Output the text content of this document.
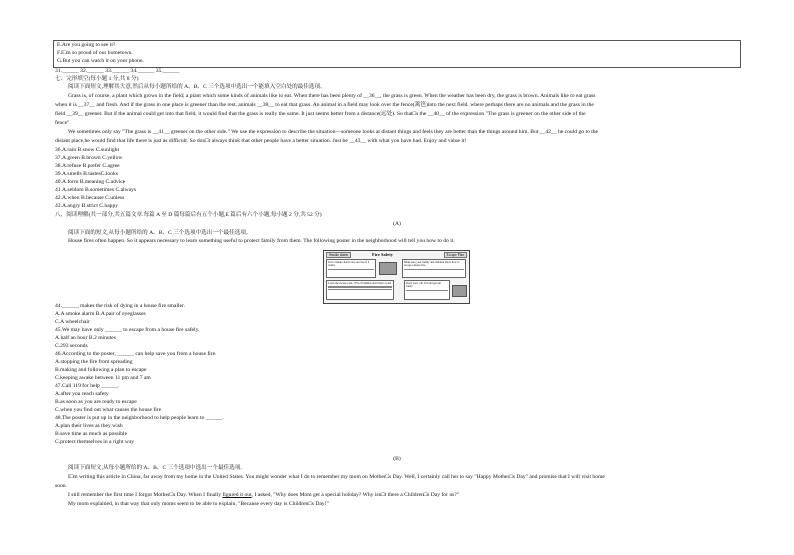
E.Are you going to see it?
F.I□m so proud of our hometown.
G.But you can watch it on your phone.
31.______ 32.______ 33.______ 34.______ 35.______
七、完形填空(每小题 1 分,共 8 分)
阅读下面短文,理解其大意,然后从每小题所给的 A、B、C 三个选项中选出一个能填入空白处的最佳选项。
Grass is, of course, a plant which grows in the field; a plant which some kinds of animals like to eat. When there has been plenty of __36__, the grass is green. When the weather has been dry, the grass is brown. Animals like to eat grass
when it is __37__ and fresh. And if the grass in one place is greener than the rest. animals __38__ to eat that grass. An animal in a field may look over the fence(篱笆)into the next field. where perhaps there are no animals and the grass in the
field __39__ greener. But if the animal could get into that field, it would find that the grass is really the same. It just seems better from a distance(远处). So that□s the __40__ of the expression "The grass is greener on the other side of the
fence".
We sometimes only say "The grass is __41__ greener on the other side." We use the expression to describe the situation—someone looks at distant things and feels they are better than the things around him. But __42__ he could go to the
distant place,he would find that life there is just as difficult. So don□t always think that other people have a better situation. Just be __43__ with what you have had. Enjoy and value it!
36.A.rain B.snow C.sunlight
37.A.green B.brown C.yellow
38.A.refuse B.prefer C.agree
39.A.smells B.tastesC.looks
40.A.form B.meaning C.advice
41.A.seldom B.sometimes C.always
42.A.when B.because C.unless
43.A.angry B.strict C.happy
八、阅读理解(共一部分,共五篇文章.每篇 A 至 D 篇每篇后有五个小题,E 篇后有六个小题,每小题 2 分,共 52 分)
(A)
阅读下面的短文,从每小题所给的 A、B、C 三个选项中选出一个最佳选项。
House fires often happen. So it appears necessary to learn something useful to protect family from them. The following poster in the neighborhood will tell you how to do it.
Smoke alarm	Fire Safety	Escape Plan
Test a smoke alarm once and see if it works
Make sure your family and children know how to escape a house fire
Learn the escape plan. 70% of families don't have a plan	Don't wait, call 119 and get out safely
44.______ makes the risk of dying in a house fire smaller.
A.A smoke alarm B.A pair of eyeglasses
C.A wheelchair
45.We may have only ______ to escape from a house fire safely.
A.half an hour B.2 minutes
C.293 seconds
46.According to the poster, ______ can help save you from a house fire.
A.stopping the fire from spreading
B.making and following a plan to escape
C.keeping awake between 11 pm and 7 am
47.Call 119 for help ______.
A.after you reach safety
B.as soon as you are ready to escape
C.when you find out what causes the house fire
48.The poster is put up in the neighborhood to help people learn to ______.
A.plan their lives as they wish
B.save time as much as possible
C.protect themselves in a right way
(B)
阅读下面短文,从每小题所给的 A、B、C 三个选项中选出一个最佳选项。
I□m writing this article in China, far away from my home in the United States. You might wonder what I do to remember my mom on Mother□s Day. Well, I certainly call her to say "Happy Mother□s Day" and promise that I will visit home
soon.
I still remember the first time I forgot Mother□s Day. When I finally figured it out, I asked, "Why does Mom get a special holiday? Why isn□t there a Children□s Day for us?"
My mom explained, in that way that only moms seem to be able to explain, "Because every day is Children□s Day!"
